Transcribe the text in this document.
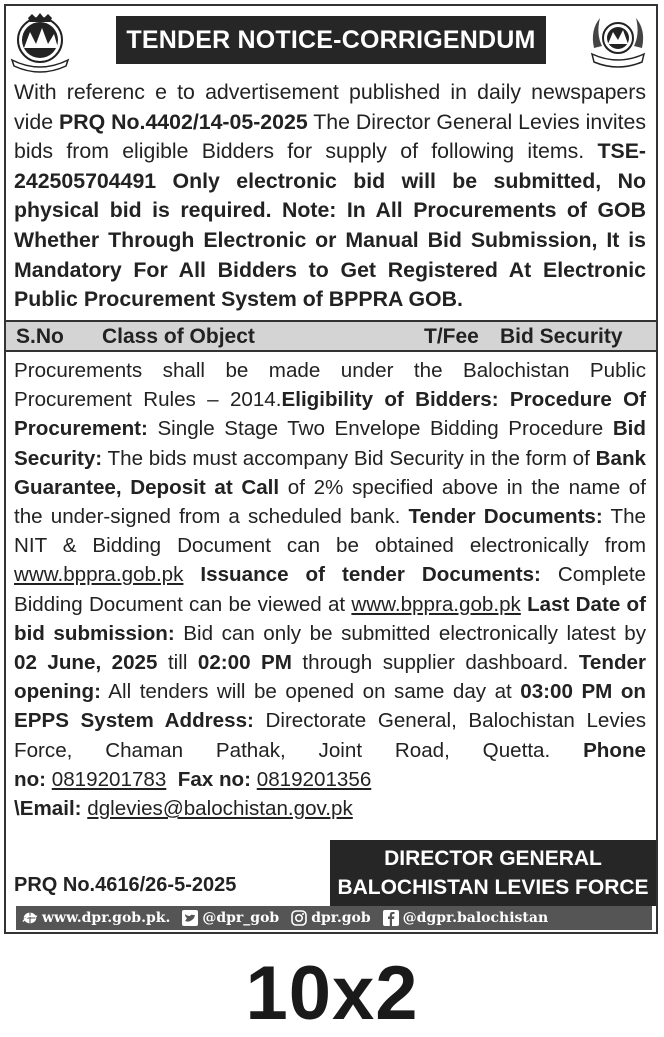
TENDER NOTICE-CORRIGENDUM
With referenc e to advertisement published in daily newspapers vide PRQ No.4402/14-05-2025 The Director General Levies invites bids from eligible Bidders for supply of following items. TSE-242505704491 Only electronic bid will be submitted, No physical bid is required. Note: In All Procurements of GOB Whether Through Electronic or Manual Bid Submission, It is Mandatory For All Bidders to Get Registered At Electronic Public Procurement System of BPPRA GOB.
S.No Class of Object	T/Fee Bid Security
Procurements shall be made under the Balochistan Public Procurement Rules – 2014.Eligibility of Bidders: Procedure Of Procurement: Single Stage Two Envelope Bidding Procedure Bid Security: The bids must accompany Bid Security in the form of Bank Guarantee, Deposit at Call of 2% specified above in the name of the under-signed from a scheduled bank. Tender Documents: The NIT & Bidding Document can be obtained electronically from www.bppra.gob.pk Issuance of tender Documents: Complete Bidding Document can be viewed at www.bppra.gob.pk Last Date of bid submission: Bid can only be submitted electronically latest by 02 June, 2025 till 02:00 PM through supplier dashboard. Tender opening: All tenders will be opened on same day at 03:00 PM on EPPS System Address: Directorate General, Balochistan Levies Force, Chaman Pathak, Joint Road, Quetta. Phone no: 0819201783 Fax no: 0819201356
\Email: dglevies@balochistan.gov.pk
PRQ No.4616/26-5-2025
DIRECTOR GENERAL
BALOCHISTAN LEVIES FORCE
www.dpr.gob.pk. @dpr_gob dpr.gob @dgpr.balochistan
10x2
